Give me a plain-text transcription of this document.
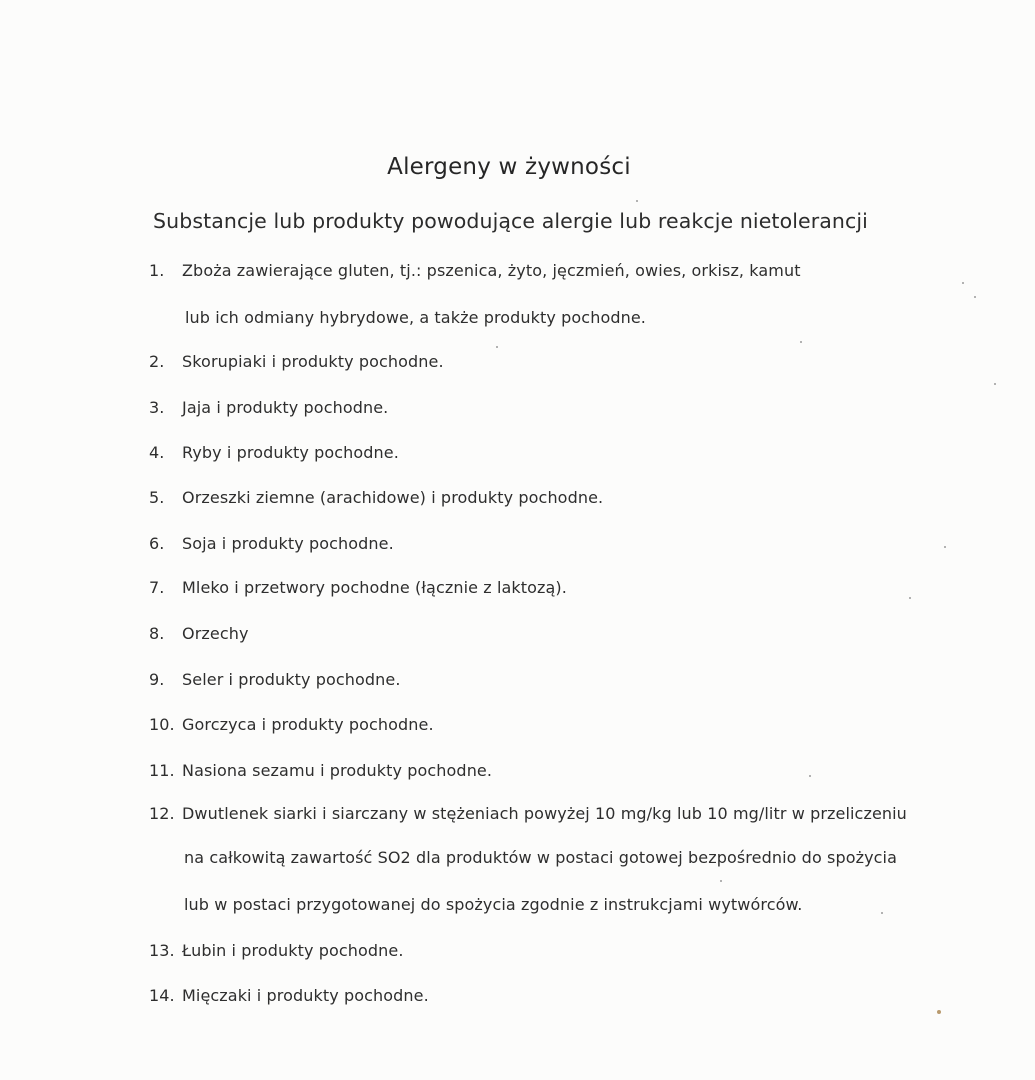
Alergeny w żywności

Substancje lub produkty powodujące alergie lub reakcje nietolerancji

1.	Zboża zawierające gluten, tj.: pszenica, żyto, jęczmień, owies, orkisz, kamut
lub ich odmiany hybrydowe, a także produkty pochodne.
2.	Skorupiaki i produkty pochodne.
3.	Jaja i produkty pochodne.
4.	Ryby i produkty pochodne.
5.	Orzeszki ziemne (arachidowe) i produkty pochodne.
6.	Soja i produkty pochodne.
7.	Mleko i przetwory pochodne (łącznie z laktozą).
8.	Orzechy
9.	Seler i produkty pochodne.
10. Gorczyca i produkty pochodne.
11. Nasiona sezamu i produkty pochodne.
12. Dwutlenek siarki i siarczany w stężeniach powyżej 10 mg/kg lub 10 mg/litr w przeliczeniu
na całkowitą zawartość SO2 dla produktów w postaci gotowej bezpośrednio do spożycia
lub w postaci przygotowanej do spożycia zgodnie z instrukcjami wytwórców.
13. Łubin i produkty pochodne.
14. Mięczaki i produkty pochodne.
